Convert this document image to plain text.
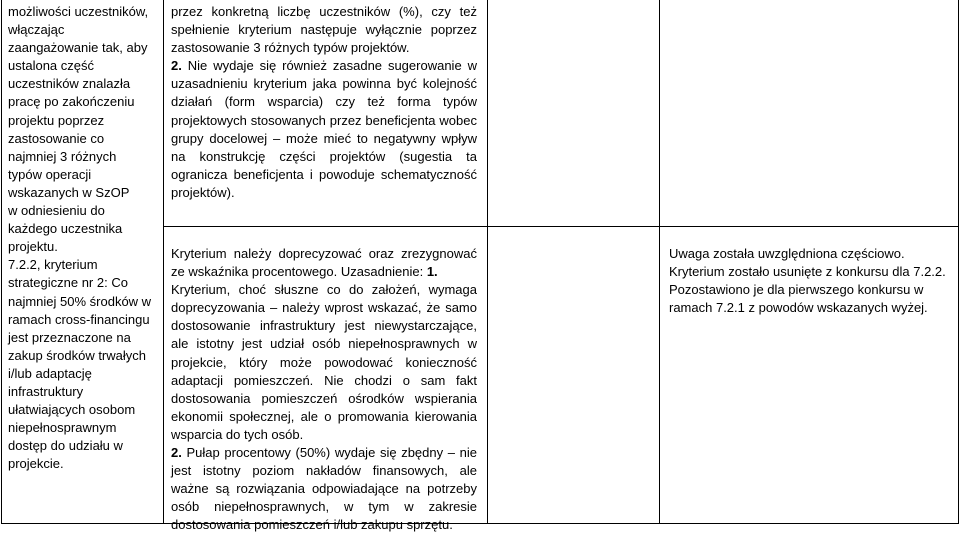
możliwości uczestników,
włączając
zaangażowanie tak, aby
ustalona część
uczestników znalazła
pracę po zakończeniu
projektu poprzez
zastosowanie co
najmniej 3 różnych
typów operacji
wskazanych w SzOP
w odniesieniu do
każdego uczestnika
projektu.
7.2.2, kryterium
strategiczne nr 2: Co
najmniej 50% środków w
ramach cross-financingu
jest przeznaczone na
zakup środków trwałych
i/lub adaptację
infrastruktury
ułatwiających osobom
niepełnosprawnym
dostęp do udziału w
projekcie.

przez konkretną liczbę uczestników (%), czy też spełnienie kryterium następuje wyłącznie poprzez zastosowanie 3 różnych typów projektów.

2. Nie wydaje się również zasadne sugerowanie w uzasadnieniu kryterium jaka powinna być kolejność działań (form wsparcia) czy też forma typów projektowych stosowanych przez beneficjenta wobec grupy docelowej – może mieć to negatywny wpływ na konstrukcję części projektów (sugestia ta ogranicza beneficjenta i powoduje schematyczność projektów).

Kryterium należy doprecyzować oraz zrezygnować ze wskaźnika procentowego. Uzasadnienie: 1.

Kryterium, choć słuszne co do założeń, wymaga doprecyzowania – należy wprost wskazać, że samo dostosowanie infrastruktury jest niewystarczające, ale istotny jest udział osób niepełnosprawnych w projekcie, który może powodować konieczność adaptacji pomieszczeń. Nie chodzi o sam fakt dostosowania pomieszczeń ośrodków wspierania ekonomii społecznej, ale o promowania kierowania wsparcia do tych osób.

2. Pułap procentowy (50%) wydaje się zbędny – nie jest istotny poziom nakładów finansowych, ale ważne są rozwiązania odpowiadające na potrzeby osób niepełnosprawnych, w tym w zakresie dostosowania pomieszczeń i/lub zakupu sprzętu.

Uwaga została uwzględniona częściowo.
Kryterium zostało usunięte z konkursu dla 7.2.2.
Pozostawiono je dla pierwszego konkursu w
ramach 7.2.1 z powodów wskazanych wyżej.
